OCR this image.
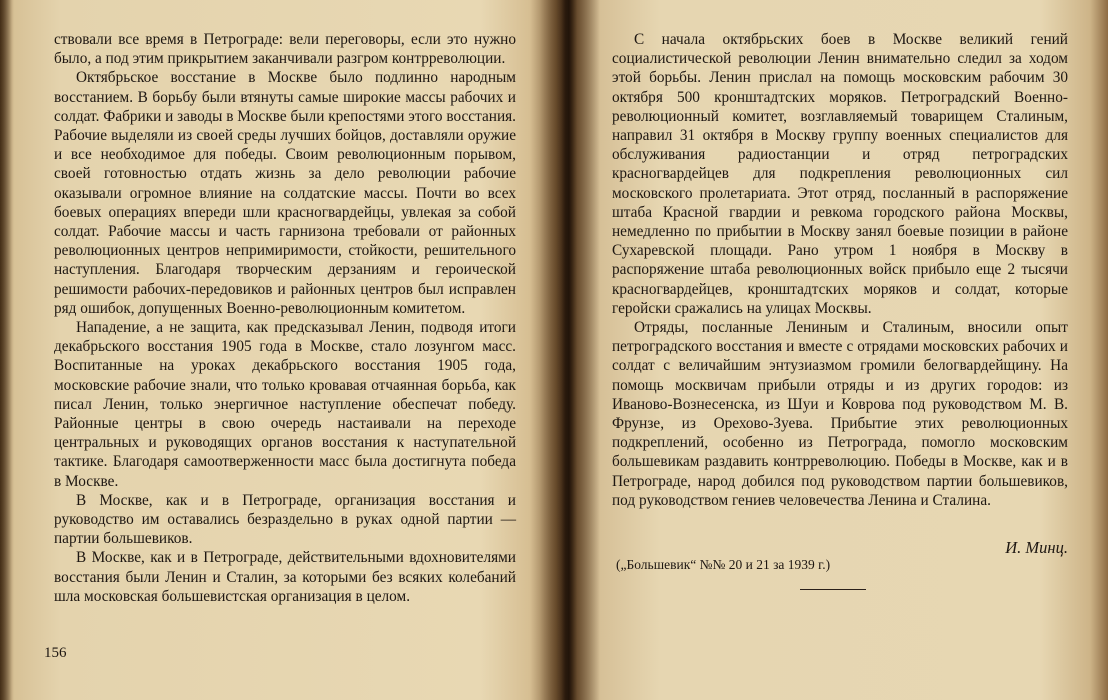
ствовали все время в Петрограде: вели переговоры, если это нужно было, а под этим прикрытием заканчивали разгром контрреволюции.

Октябрьское восстание в Москве было подлинно народным восстанием. В борьбу были втянуты самые широкие массы рабочих и солдат. Фабрики и заводы в Москве были крепостями этого восстания. Рабочие выделяли из своей среды лучших бойцов, доставляли оружие и все необходимое для победы. Своим революционным порывом, своей готовностью отдать жизнь за дело революции рабочие оказывали огромное влияние на солдатские массы. Почти во всех боевых операциях впереди шли красногвардейцы, увлекая за собой солдат. Рабочие массы и часть гарнизона требовали от районных революционных центров непримиримости, стойкости, решительного наступления. Благодаря творческим дерзаниям и героической решимости рабочих-передовиков и районных центров был исправлен ряд ошибок, допущенных Военно-революционным комитетом.

Нападение, а не защита, как предсказывал Ленин, подводя итоги декабрьского восстания 1905 года в Москве, стало лозунгом масс. Воспитанные на уроках декабрьского восстания 1905 года, московские рабочие знали, что только кровавая отчаянная борьба, как писал Ленин, только энергичное наступление обеспечат победу. Районные центры в свою очередь настаивали на переходе центральных и руководящих органов восстания к наступательной тактике. Благодаря самоотверженности масс была достигнута победа в Москве.

В Москве, как и в Петрограде, организация восстания и руководство им оставались безраздельно в руках одной партии — партии большевиков.

В Москве, как и в Петрограде, действительными вдохновителями восстания были Ленин и Сталин, за которыми без всяких колебаний шла московская большевистская организация в целом.

156

С начала октябрьских боев в Москве великий гений социалистической революции Ленин внимательно следил за ходом этой борьбы. Ленин прислал на помощь московским рабочим 30 октября 500 кронштадтских моряков. Петроградский Военно-революционный комитет, возглавляемый товарищем Сталиным, направил 31 октября в Москву группу военных специалистов для обслуживания радиостанции и отряд петроградских красногвардейцев для подкрепления революционных сил московского пролетариата. Этот отряд, посланный в распоряжение штаба Красной гвардии и ревкома городского района Москвы, немедленно по прибытии в Москву занял боевые позиции в районе Сухаревской площади. Рано утром 1 ноября в Москву в распоряжение штаба революционных войск прибыло еще 2 тысячи красногвардейцев, кронштадтских моряков и солдат, которые геройски сражались на улицах Москвы.

Отряды, посланные Лениным и Сталиным, вносили опыт петроградского восстания и вместе с отрядами московских рабочих и солдат с величайшим энтузиазмом громили белогвардейщину. На помощь москвичам прибыли отряды и из других городов: из Иваново-Вознесенска, из Шуи и Коврова под руководством М. В. Фрунзе, из Орехово-Зуева. Прибытие этих революционных подкреплений, особенно из Петрограда, помогло московским большевикам раздавить контрреволюцию. Победы в Москве, как и в Петрограде, народ добился под руководством партии большевиков, под руководством гениев человечества Ленина и Сталина.

И. Минц.
(„Большевик“ №№ 20 и 21 за 1939 г.)
